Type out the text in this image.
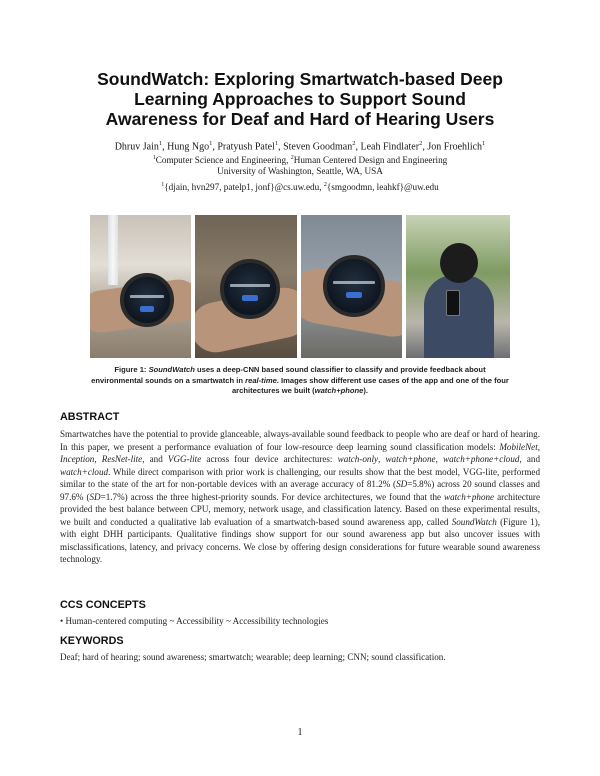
SoundWatch: Exploring Smartwatch-based Deep
Learning Approaches to Support Sound
Awareness for Deaf and Hard of Hearing Users
Dhruv Jain$^1$, Hung Ngo$^1$, Pratyush Patel$^1$, Steven Goodman$^2$, Leah Findlater$^2$, Jon Froehlich$^1$
$^1$Computer Science and Engineering, $^2$Human Centered Design and Engineering
University of Washington, Seattle, WA, USA
$^1${djain, hvn297, patelp1, jonf}@cs.uw.edu, $^2${smgoodmn, leahkf}@uw.edu
Figure 1: SoundWatch uses a deep-CNN based sound classifier to classify and provide feedback about environmental sounds on a smartwatch in real-time. Images show different use cases of the app and one of the four architectures we built (watch+phone).
ABSTRACT
Smartwatches have the potential to provide glanceable, always-available sound feedback to people who are deaf or hard of hearing. In this paper, we present a performance evaluation of four low-resource deep learning sound classification models: MobileNet, Inception, ResNet-lite, and VGG-lite across four device architectures: watch-only, watch+phone, watch+phone+cloud, and watch+cloud. While direct comparison with prior work is challenging, our results show that the best model, VGG-lite, performed similar to the state of the art for non-portable devices with an average accuracy of 81.2% (SD=5.8%) across 20 sound classes and 97.6% (SD=1.7%) across the three highest-priority sounds. For device architectures, we found that the watch+phone architecture provided the best balance between CPU, memory, network usage, and classification latency. Based on these experimental results, we built and conducted a qualitative lab evaluation of a smartwatch-based sound awareness app, called SoundWatch (Figure 1), with eight DHH participants. Qualitative findings show support for our sound awareness app but also uncover issues with misclassifications, latency, and privacy concerns. We close by offering design considerations for future wearable sound awareness technology.
CCS CONCEPTS
• Human-centered computing ~ Accessibility ~ Accessibility technologies
KEYWORDS
Deaf; hard of hearing; sound awareness; smartwatch; wearable; deep learning; CNN; sound classification.
1
